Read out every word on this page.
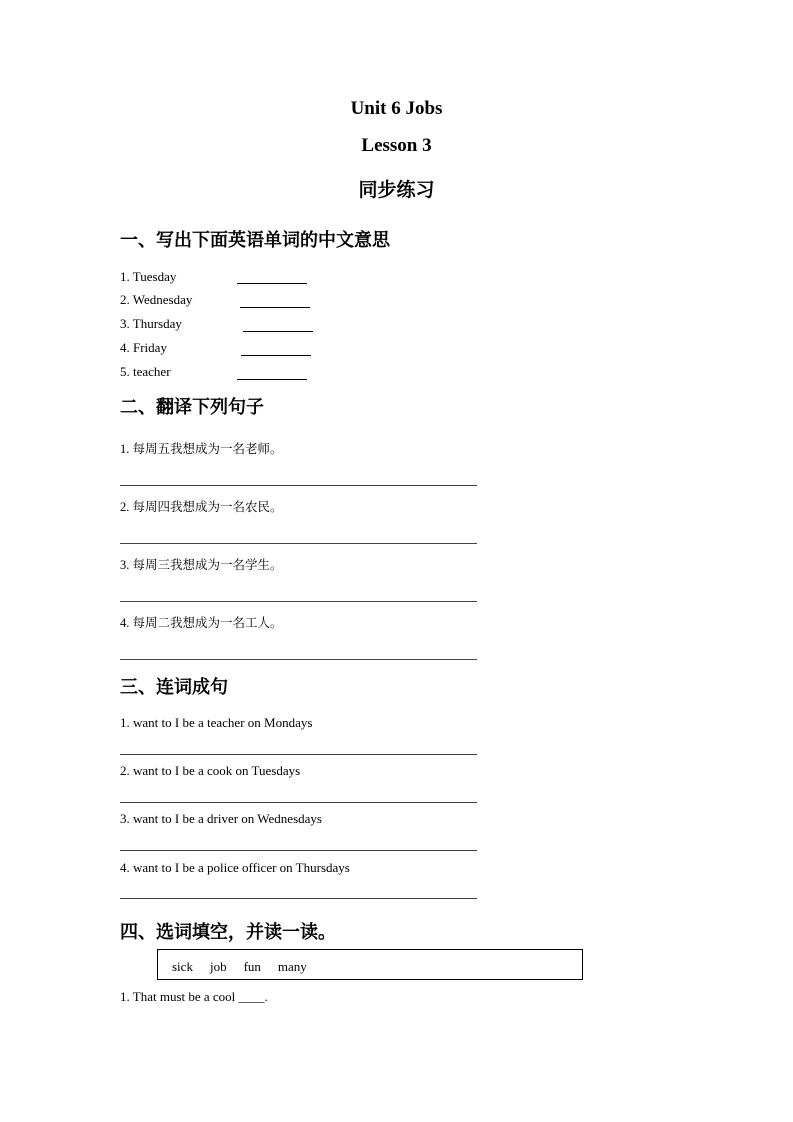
Unit 6 Jobs
Lesson 3
同步练习
一、写出下面英语单词的中文意思
1. Tuesday
2. Wednesday
3. Thursday
4. Friday
5. teacher
二、翻译下列句子
1. 每周五我想成为一名老师。
2. 每周四我想成为一名农民。
3. 每周三我想成为一名学生。
4. 每周二我想成为一名工人。
三、连词成句
1. want to I be a teacher on Mondays
2. want to I be a cook on Tuesdays
3. want to I be a driver on Wednesdays
4. want to I be a police officer on Thursdays
四、选词填空，并读一读。
sick job fun many
1. That must be a cool ____.
